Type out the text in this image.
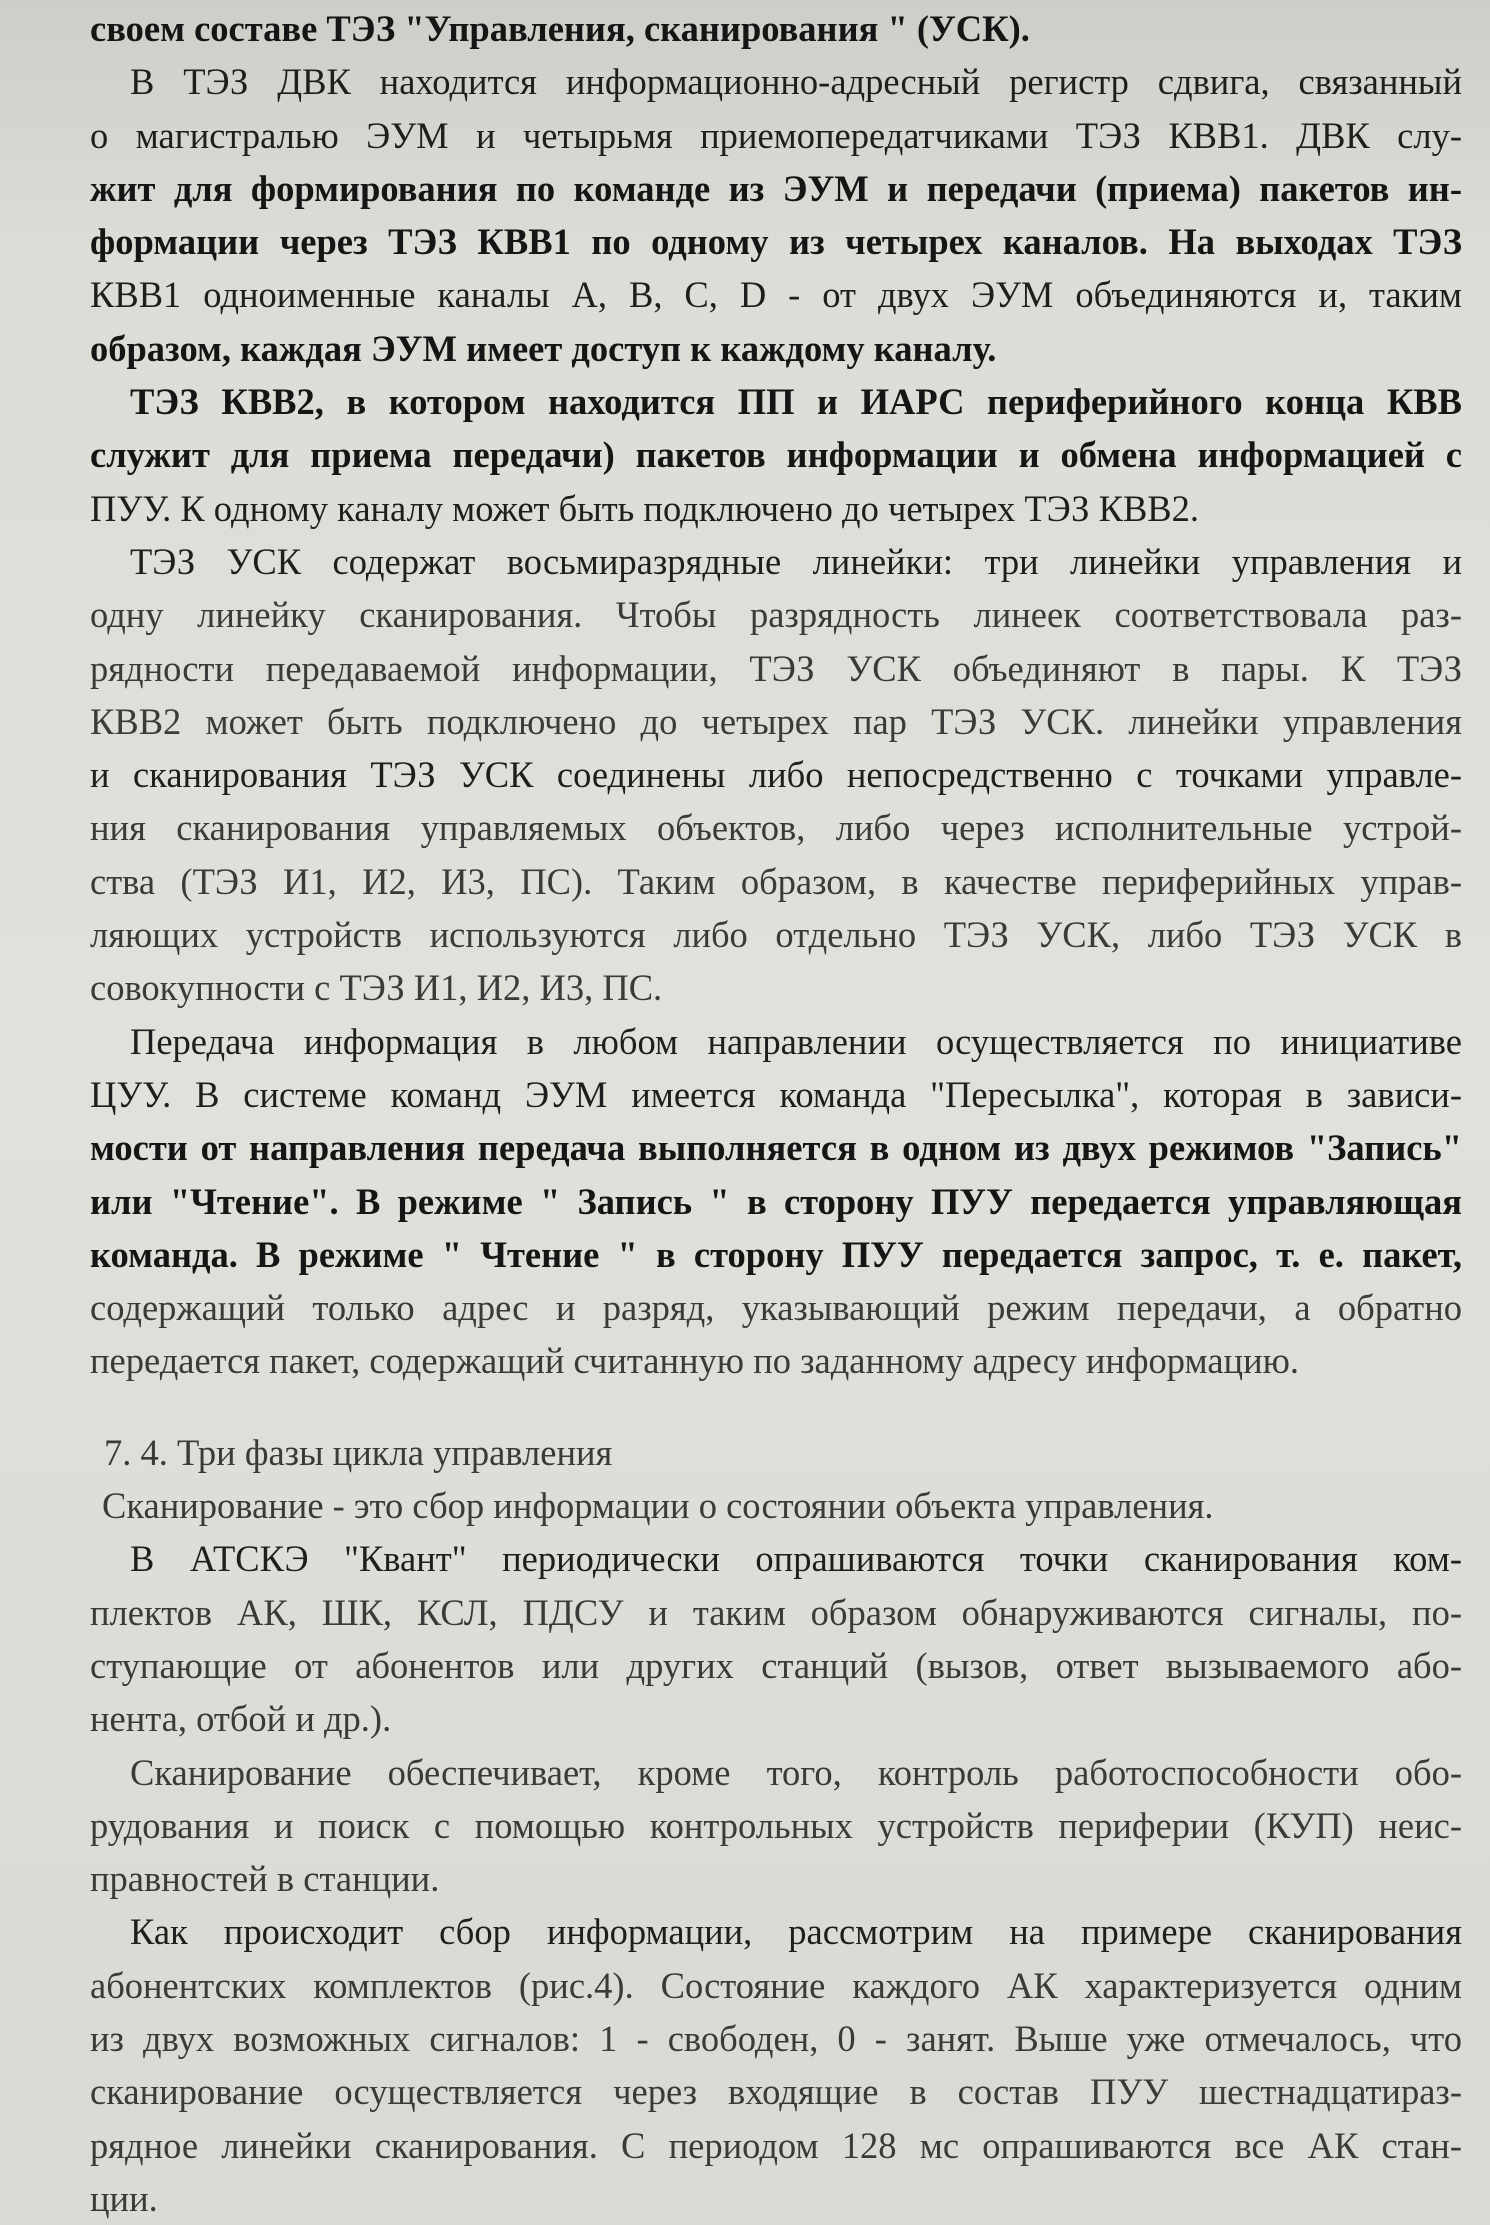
своем составе ТЭЗ "Управления, сканирования " (УСК).

В ТЭЗ ДВК находится информационно-адресный регистр сдвига, связанный
о магистралью ЭУМ и четырьмя приемопередатчиками ТЭЗ КВВ1. ДВК слу-
жит для формирования по команде из ЭУМ и передачи (приема) пакетов ин-
формации через ТЭЗ КВВ1 по одному из четырех каналов. На выходах ТЭЗ
КВВ1 одноименные каналы А, В, С, D - от двух ЭУМ объединяются и, таким
образом, каждая ЭУМ имеет доступ к каждому каналу.

ТЭЗ КВВ2, в котором находится ПП и ИАРС периферийного конца КВВ
служит для приема передачи) пакетов информации и обмена информацией с
ПУУ. К одному каналу может быть подключено до четырех ТЭЗ КВВ2.

ТЭЗ УСК содержат восьмиразрядные линейки: три линейки управления и
одну линейку сканирования. Чтобы разрядность линеек соответствовала раз-
рядности передаваемой информации, ТЭЗ УСК объединяют в пары. К ТЭЗ
КВВ2 может быть подключено до четырех пар ТЭЗ УСК. линейки управления
и сканирования ТЭЗ УСК соединены либо непосредственно с точками управле-
ния сканирования управляемых объектов, либо через исполнительные устрой-
ства (ТЭЗ И1, И2, И3, ПС). Таким образом, в качестве периферийных управ-
ляющих устройств используются либо отдельно ТЭЗ УСК, либо ТЭЗ УСК в
совокупности с ТЭЗ И1, И2, И3, ПС.

Передача информация в любом направлении осуществляется по инициативе
ЦУУ. В системе команд ЭУМ имеется команда "Пересылка", которая в зависи-
мости от направления передача выполняется в одном из двух режимов "Запись"
или "Чтение". В режиме " Запись " в сторону ПУУ передается управляющая
команда. В режиме " Чтение " в сторону ПУУ передается запрос, т. е. пакет,
содержащий только адрес и разряд, указывающий режим передачи, а обратно
передается пакет, содержащий считанную по заданному адресу информацию.

7. 4. Три фазы цикла управления

Сканирование - это сбор информации о состоянии объекта управления.

В АТСКЭ "Квант" периодически опрашиваются точки сканирования ком-
плектов АК, ШК, КСЛ, ПДСУ и таким образом обнаруживаются сигналы, по-
ступающие от абонентов или других станций (вызов, ответ вызываемого або-
нента, отбой и др.).

Сканирование обеспечивает, кроме того, контроль работоспособности обо-
рудования и поиск с помощью контрольных устройств периферии (КУП) неис-
правностей в станции.

Как происходит сбор информации, рассмотрим на примере сканирования
абонентских комплектов (рис.4). Состояние каждого АК характеризуется одним
из двух возможных сигналов: 1 - свободен, 0 - занят. Выше уже отмечалось, что
сканирование осуществляется через входящие в состав ПУУ шестнадцатираз-
рядное линейки сканирования. С периодом 128 мс опрашиваются все АК стан-
ции.
